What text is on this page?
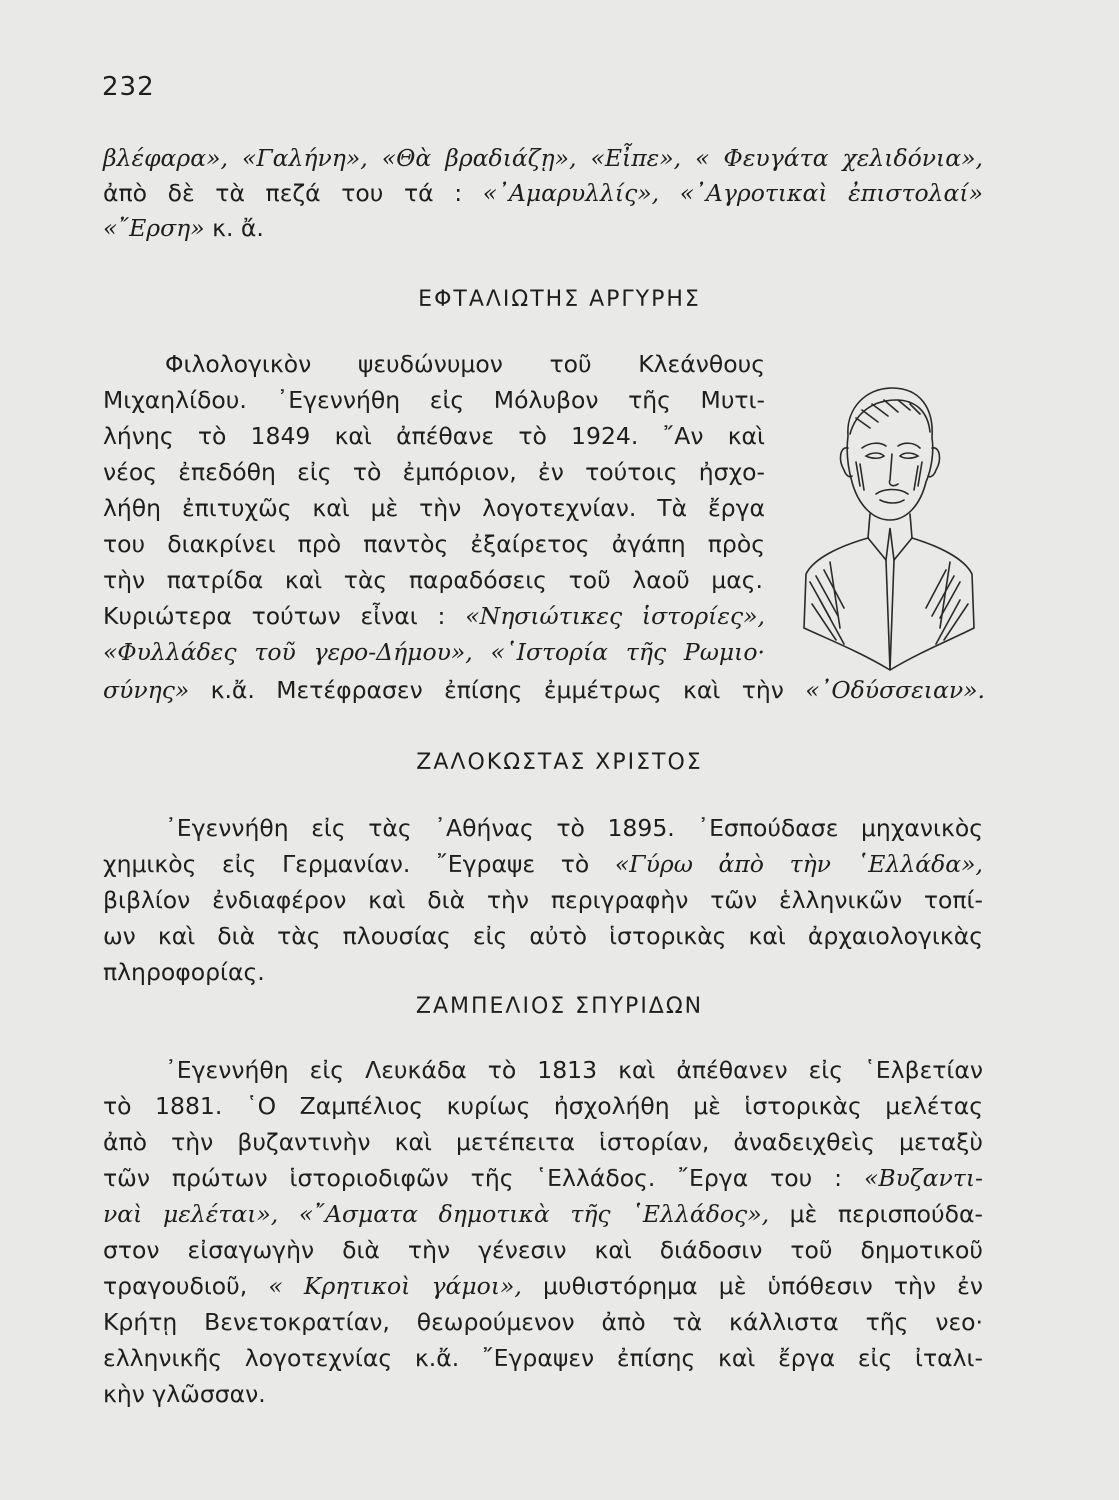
232
βλέφαρα», «Γαλήνη», «Θὰ βραδιάζῃ», «Εἶπε», « Φευγάτα χελιδόνια»,
ἀπὸ δὲ τὰ πεζά του τά : «᾿Αμαρυλλίς», «᾿Αγροτικαὶ ἐπιστολαί»
«῎Ερση» κ. ἄ.
ΕΦΤΑΛΙΩΤΗΣ ΑΡΓΥΡΗΣ
Φιλολογικὸν ψευδώνυμον τοῦ Κλεάνθους
Μιχαηλίδου. ᾿Εγεννήθη εἰς Μόλυβον τῆς Μυτι-
λήνης τὸ 1849 καὶ ἀπέθανε τὸ 1924. ῎Αν καὶ
νέος ἐπεδόθη εἰς τὸ ἐμπόριον, ἐν τούτοις ἠσχο-
λήθη ἐπιτυχῶς καὶ μὲ τὴν λογοτεχνίαν. Τὰ ἔργα
του διακρίνει πρὸ παντὸς ἐξαίρετος ἀγάπη πρὸς
τὴν πατρίδα καὶ τὰς παραδόσεις τοῦ λαοῦ μας.
Κυριώτερα τούτων εἶναι : «Νησιώτικες ἱστορίες»,
«Φυλλάδες τοῦ γερο-Δήμου», «῾Ιστορία τῆς Ρωμιο·
σύνης» κ.ἄ. Μετέφρασεν ἐπίσης ἐμμέτρως καὶ τὴν «᾿Οδύσσειαν».
ΖΑΛΟΚΩΣΤΑΣ ΧΡΙΣΤΟΣ
᾿Εγεννήθη εἰς τὰς ᾿Αθήνας τὸ 1895. ᾿Εσπούδασε μηχανικὸς
χημικὸς εἰς Γερμανίαν. ῎Εγραψε τὸ «Γύρω ἀπὸ τὴν ῾Ελλάδα»,
βιβλίον ἐνδιαφέρον καὶ διὰ τὴν περιγραφὴν τῶν ἑλληνικῶν τοπί-
ων καὶ διὰ τὰς πλουσίας εἰς αὐτὸ ἱστορικὰς καὶ ἀρχαιολογικὰς
πληροφορίας.
ΖΑΜΠΕΛΙΟΣ ΣΠΥΡΙΔΩΝ
᾿Εγεννήθη εἰς Λευκάδα τὸ 1813 καὶ ἀπέθανεν εἰς ῾Ελβετίαν
τὸ 1881. ῾Ο Ζαμπέλιος κυρίως ἠσχολήθη μὲ ἱστορικὰς μελέτας
ἀπὸ τὴν βυζαντινὴν καὶ μετέπειτα ἱστορίαν, ἀναδειχθεὶς μεταξὺ
τῶν πρώτων ἱστοριοδιφῶν τῆς ῾Ελλάδος. ῎Εργα του : «Βυζαντι-
ναὶ μελέται», «῎Ασματα δημοτικὰ τῆς ῾Ελλάδος», μὲ περισπούδα-
στον εἰσαγωγὴν διὰ τὴν γένεσιν καὶ διάδοσιν τοῦ δημοτικοῦ
τραγουδιοῦ, « Κρητικοὶ γάμοι», μυθιστόρημα μὲ ὑπόθεσιν τὴν ἐν
Κρήτῃ Βενετοκρατίαν, θεωρούμενον ἀπὸ τὰ κάλλιστα τῆς νεο·
ελληνικῆς λογοτεχνίας κ.ἄ. ῎Εγραψεν ἐπίσης καὶ ἔργα εἰς ἰταλι-
κὴν γλῶσσαν.
